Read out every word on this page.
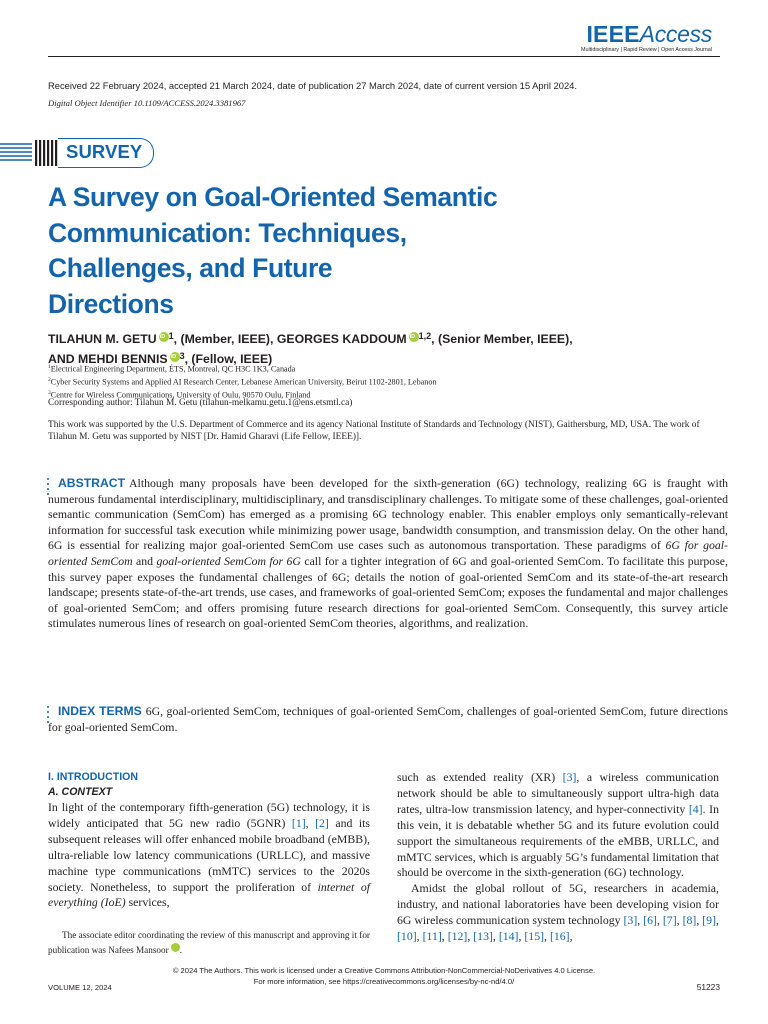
IEEEAccess
Multidisciplinary | Rapid Review | Open Access Journal
Received 22 February 2024, accepted 21 March 2024, date of publication 27 March 2024, date of current version 15 April 2024.
Digital Object Identifier 10.1109/ACCESS.2024.3381967
SURVEY
A Survey on Goal-Oriented Semantic
Communication: Techniques,
Challenges, and Future
Directions
TILAHUN M. GETU iD $^1$, (Member, IEEE), GEORGES KADDOUM iD $^{1,2}$, (Senior Member, IEEE),
AND MEHDI BENNIS iD $^3$, (Fellow, IEEE)
$^1$Electrical Engineering Department, ÉTS, Montreal, QC H3C 1K3, Canada
$^2$Cyber Security Systems and Applied AI Research Center, Lebanese American University, Beirut 1102-2801, Lebanon
$^3$Centre for Wireless Communications, University of Oulu, 90570 Oulu, Finland
Corresponding author: Tilahun M. Getu (tilahun-melkamu.getu.1@ens.etsmtl.ca)
This work was supported by the U.S. Department of Commerce and its agency National Institute of Standards and Technology (NIST), Gaithersburg, MD, USA. The work of Tilahun M. Getu was supported by NIST [Dr. Hamid Gharavi (Life Fellow, IEEE)].
ABSTRACT Although many proposals have been developed for the sixth-generation (6G) technology, realizing 6G is fraught with numerous fundamental interdisciplinary, multidisciplinary, and transdisciplinary challenges. To mitigate some of these challenges, goal-oriented semantic communication (SemCom) has emerged as a promising 6G technology enabler. This enabler employs only semantically-relevant information for successful task execution while minimizing power usage, bandwidth consumption, and transmission delay. On the other hand, 6G is essential for realizing major goal-oriented SemCom use cases such as autonomous transportation. These paradigms of 6G for goal-oriented SemCom and goal-oriented SemCom for 6G call for a tighter integration of 6G and goal-oriented SemCom. To facilitate this purpose, this survey paper exposes the fundamental challenges of 6G; details the notion of goal-oriented SemCom and its state-of-the-art research landscape; presents state-of-the-art trends, use cases, and frameworks of goal-oriented SemCom; exposes the fundamental and major challenges of goal-oriented SemCom; and offers promising future research directions for goal-oriented SemCom. Consequently, this survey article stimulates numerous lines of research on goal-oriented SemCom theories, algorithms, and realization.
INDEX TERMS 6G, goal-oriented SemCom, techniques of goal-oriented SemCom, challenges of goal-oriented SemCom, future directions for goal-oriented SemCom.
I. INTRODUCTION
A. CONTEXT
In light of the contemporary fifth-generation (5G) technology, it is widely anticipated that 5G new radio (5GNR) [1], [2] and its subsequent releases will offer enhanced mobile broadband (eMBB), ultra-reliable low latency communications (URLLC), and massive machine type communications (mMTC) services to the 2020s society. Nonetheless, to support the proliferation of internet of everything (IoE) services,
such as extended reality (XR) [3], a wireless communication network should be able to simultaneously support ultra-high data rates, ultra-low transmission latency, and hyper-connectivity [4]. In this vein, it is debatable whether 5G and its future evolution could support the simultaneous requirements of the eMBB, URLLC, and mMTC services, which is arguably 5G’s fundamental limitation that should be overcome in the sixth-generation (6G) technology.
Amidst the global rollout of 5G, researchers in academia, industry, and national laboratories have been developing vision for 6G wireless communication system technology [3], [6], [7], [8], [9], [10], [11], [12], [13], [14], [15], [16],
The associate editor coordinating the review of this manuscript and approving it for publication was Nafees MansooriD
© 2024 The Authors. This work is licensed under a Creative Commons Attribution-NonCommercial-NoDerivatives 4.0 License.
For more information, see https://creativecommons.org/licenses/by-nc-nd/4.0/
VOLUME 12, 2024	51223
